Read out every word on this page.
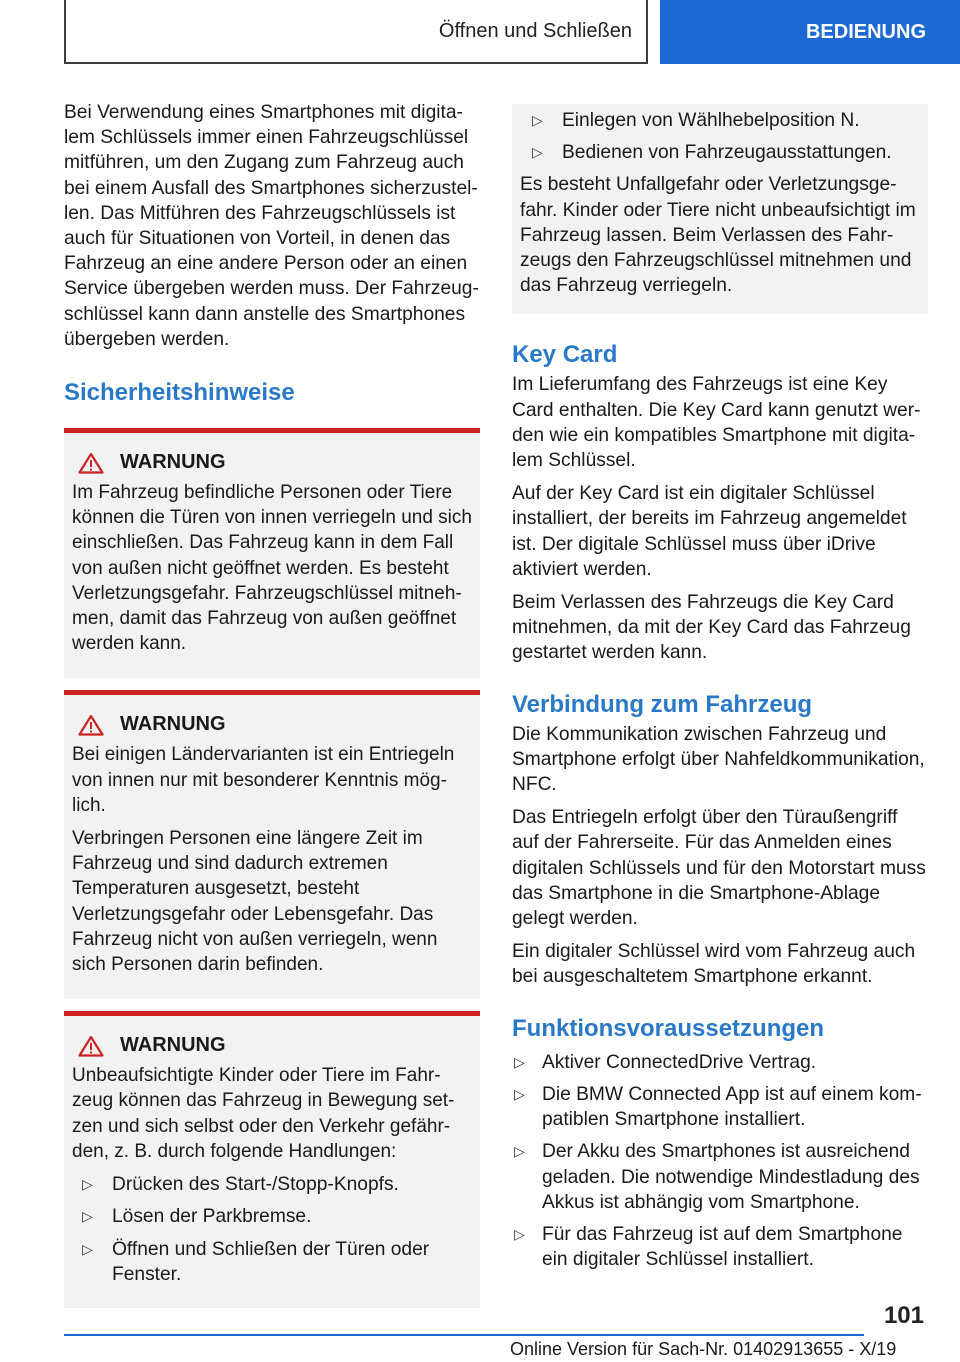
Öffnen und Schließen	BEDIENUNG

Bei Verwendung eines Smartphones mit digitalem Schlüssels immer einen Fahrzeugschlüssel mitführen, um den Zugang zum Fahrzeug auch bei einem Ausfall des Smartphones sicherzustellen. Das Mitführen des Fahrzeugschlüssels ist auch für Situationen von Vorteil, in denen das Fahrzeug an eine andere Person oder an einen Service übergeben werden muss. Der Fahrzeugschlüssel kann dann anstelle des Smartphones übergeben werden.

Sicherheitshinweise
WARNUNG

Im Fahrzeug befindliche Personen oder Tiere können die Türen von innen verriegeln und sich einschließen. Das Fahrzeug kann in dem Fall von außen nicht geöffnet werden. Es besteht Verletzungsgefahr. Fahrzeugschlüssel mitnehmen, damit das Fahrzeug von außen geöffnet werden kann.

WARNUNG

Bei einigen Ländervarianten ist ein Entriegeln von innen nur mit besonderer Kenntnis möglich.

Verbringen Personen eine längere Zeit im Fahrzeug und sind dadurch extremen Temperaturen ausgesetzt, besteht Verletzungsgefahr oder Lebensgefahr. Das Fahrzeug nicht von außen verriegeln, wenn sich Personen darin befinden.

WARNUNG

Unbeaufsichtigte Kinder oder Tiere im Fahrzeug können das Fahrzeug in Bewegung setzen und sich selbst oder den Verkehr gefährden, z. B. durch folgende Handlungen:

▷ Drücken des Start-/Stopp-Knopfs.
▷ Lösen der Parkbremse.
▷ Öffnen und Schließen der Türen oder Fenster.
▷ Einlegen von Wählhebelposition N.
▷ Bedienen von Fahrzeugausstattungen.

Es besteht Unfallgefahr oder Verletzungsgefahr. Kinder oder Tiere nicht unbeaufsichtigt im Fahrzeug lassen. Beim Verlassen des Fahrzeugs den Fahrzeugschlüssel mitnehmen und das Fahrzeug verriegeln.

Key Card

Im Lieferumfang des Fahrzeugs ist eine Key Card enthalten. Die Key Card kann genutzt werden wie ein kompatibles Smartphone mit digitalem Schlüssel.

Auf der Key Card ist ein digitaler Schlüssel installiert, der bereits im Fahrzeug angemeldet ist. Der digitale Schlüssel muss über iDrive aktiviert werden.

Beim Verlassen des Fahrzeugs die Key Card mitnehmen, da mit der Key Card das Fahrzeug gestartet werden kann.

Verbindung zum Fahrzeug

Die Kommunikation zwischen Fahrzeug und Smartphone erfolgt über Nahfeldkommunikation, NFC.

Das Entriegeln erfolgt über den Türaußengriff auf der Fahrerseite. Für das Anmelden eines digitalen Schlüssels und für den Motorstart muss das Smartphone in die Smartphone-Ablage gelegt werden.

Ein digitaler Schlüssel wird vom Fahrzeug auch bei ausgeschaltetem Smartphone erkannt.

Funktionsvoraussetzungen
▷ Aktiver ConnectedDrive Vertrag.
▷ Die BMW Connected App ist auf einem kompatiblen Smartphone installiert.
▷ Der Akku des Smartphones ist ausreichend geladen. Die notwendige Mindestladung des Akkus ist abhängig vom Smartphone.
▷ Für das Fahrzeug ist auf dem Smartphone ein digitaler Schlüssel installiert.
101
Online Version für Sach-Nr. 01402913655 - X/19
